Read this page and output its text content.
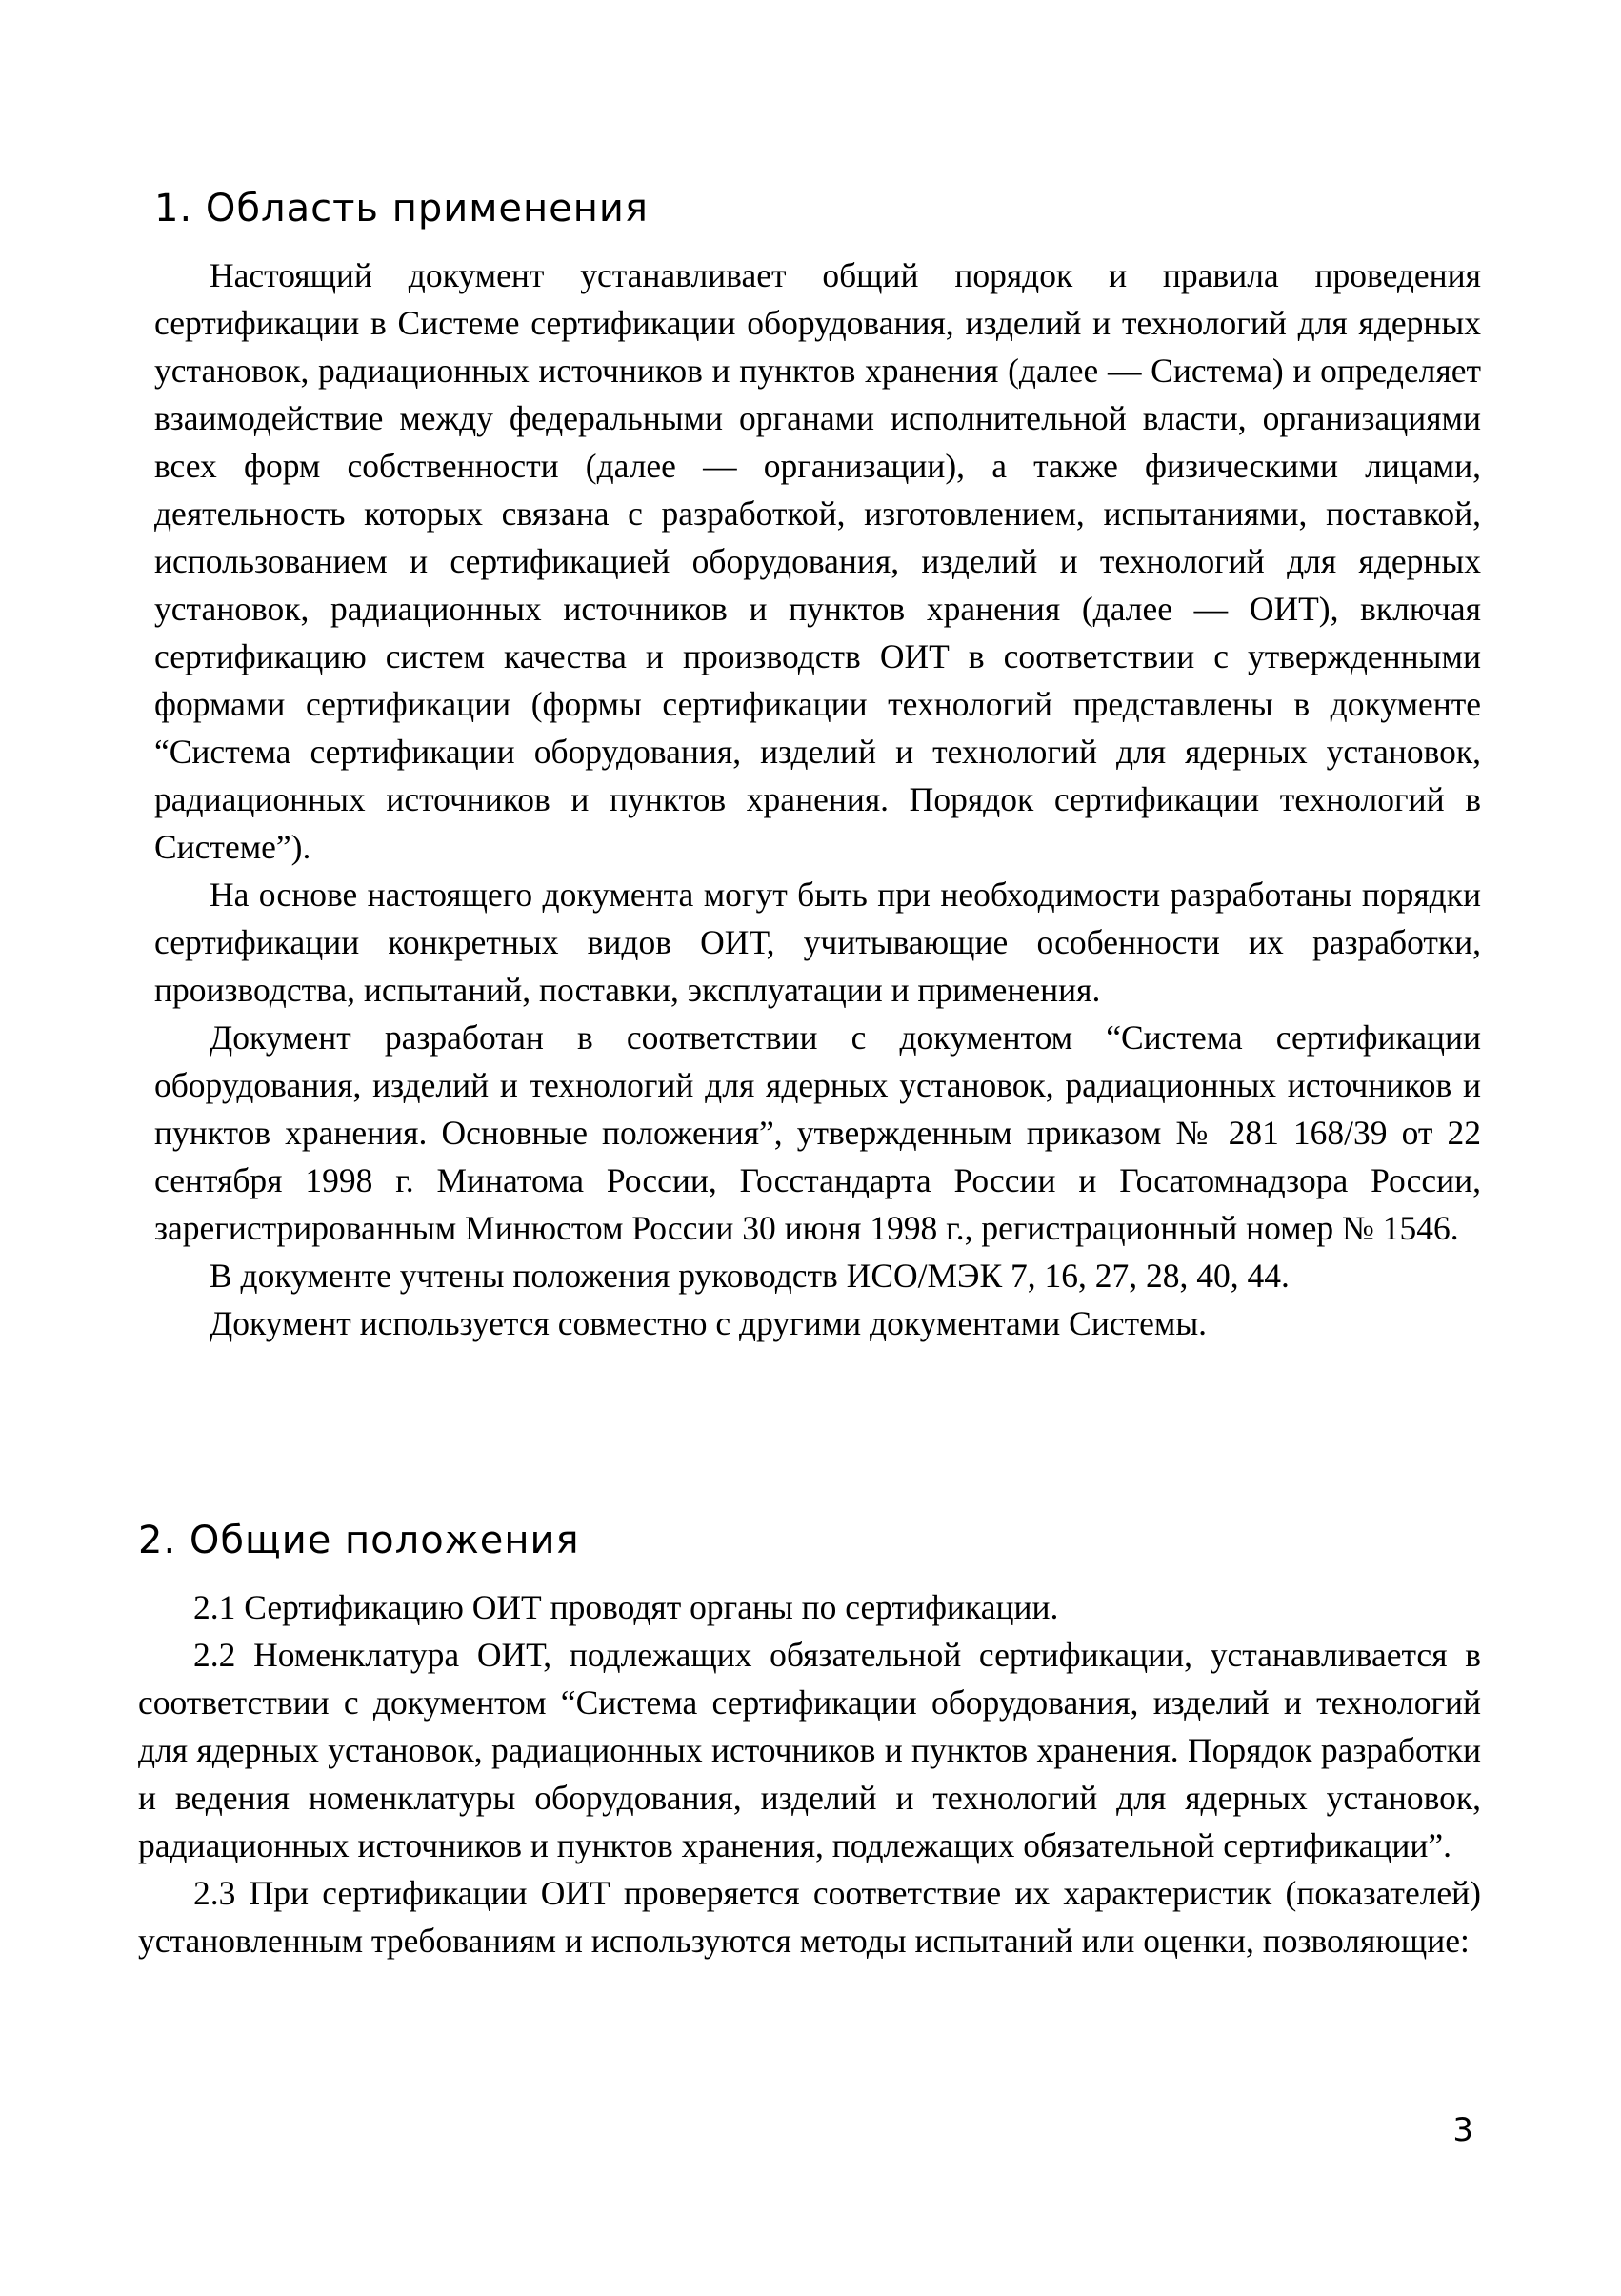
1. Область применения

Настоящий документ устанавливает общий порядок и правила проведения сертификации в Системе сертификации оборудования, изделий и технологий для ядерных установок, радиационных источников и пунктов хранения (далее — Система) и определяет взаимодействие между федеральными органами исполнительной власти, организациями всех форм собственности (далее — организации), а также физическими лицами, деятельность которых связана с разработкой, изготовлением, испытаниями, поставкой, использованием и сертификацией оборудования, изделий и технологий для ядерных установок, радиационных источников и пунктов хранения (далее — ОИТ), включая сертификацию систем качества и производств ОИТ в соответствии с утвержденными формами сертификации (формы сертификации технологий представлены в документе “Система сертификации оборудования, изделий и технологий для ядерных установок, радиационных источников и пунктов хранения. Порядок сертификации технологий в Системе”).

На основе настоящего документа могут быть при необходимости разработаны порядки сертификации конкретных видов ОИТ, учитывающие особенности их разработки, производства, испытаний, поставки, эксплуатации и применения.

Документ разработан в соответствии с документом “Система сертификации оборудования, изделий и технологий для ядерных установок, радиационных источников и пунктов хранения. Основные положения”, утвержденным приказом № 281 168/39 от 22 сентября 1998 г. Минатома России, Госстандарта России и Госатомнадзора России, зарегистрированным Минюстом России 30 июня 1998 г., регистрационный номер № 1546.

В документе учтены положения руководств ИСО/МЭК 7, 16, 27, 28, 40, 44.

Документ используется совместно с другими документами Системы.

2. Общие положения

2.1 Сертификацию ОИТ проводят органы по сертификации.

2.2 Номенклатура ОИТ, подлежащих обязательной сертификации, устанавливается в соответствии с документом “Система сертификации оборудования, изделий и технологий для ядерных установок, радиационных источников и пунктов хранения. Порядок разработки и ведения номенклатуры оборудования, изделий и технологий для ядерных установок, радиационных источников и пунктов хранения, подлежащих обязательной сертификации”.

2.3 При сертификации ОИТ проверяется соответствие их характеристик (показателей) установленным требованиям и используются методы испытаний или оценки, позволяющие:

3
